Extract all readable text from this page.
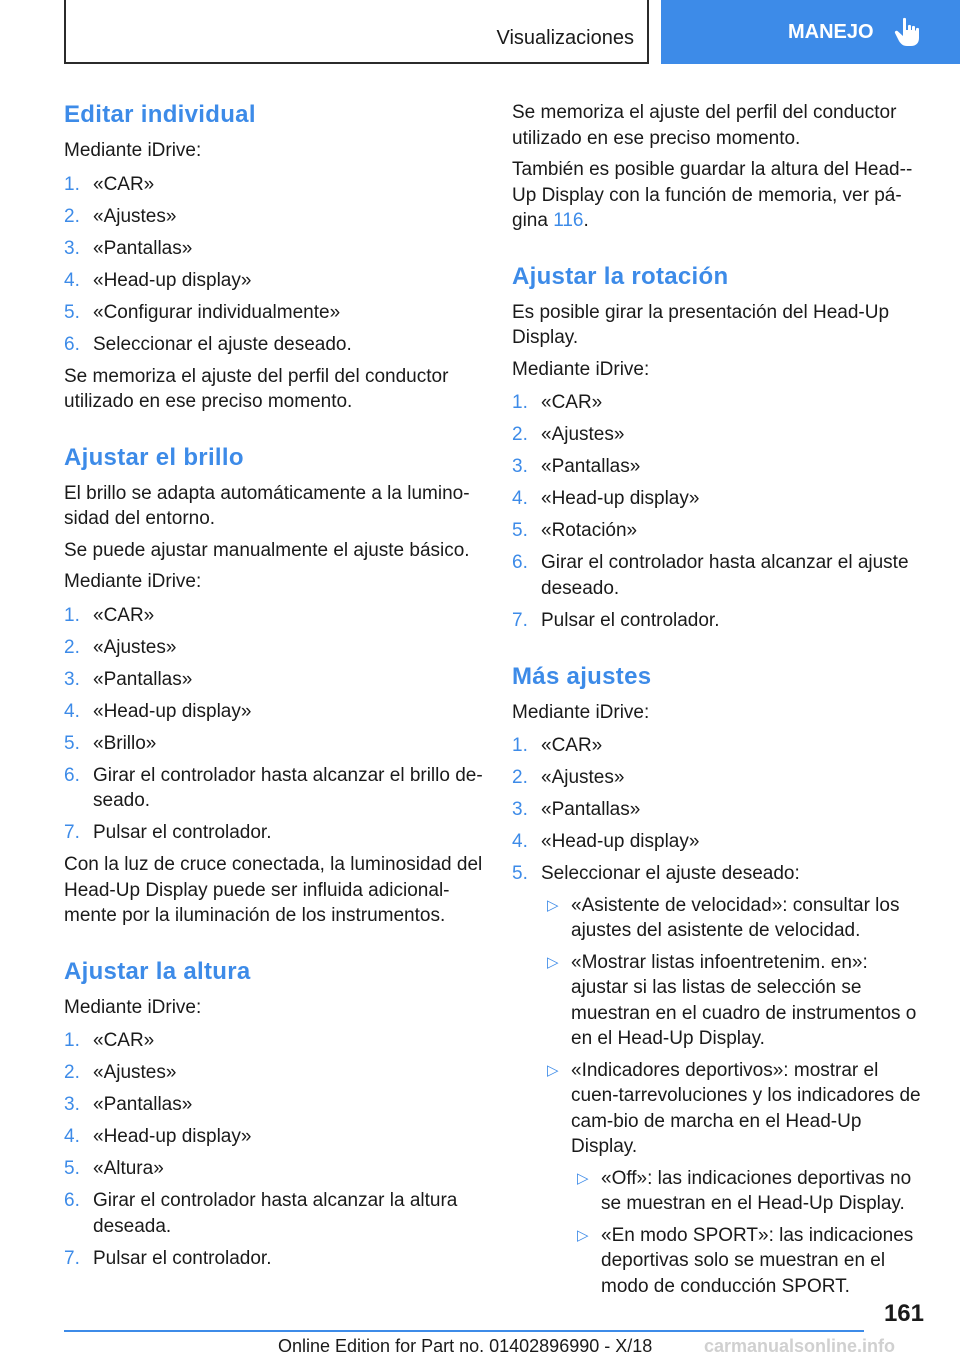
Visualizaciones	MANEJO
Editar individual

Mediante iDrive:

1. «CAR»
2. «Ajustes»
3. «Pantallas»
4. «Head-up display»
5. «Configurar individualmente»
6. Seleccionar el ajuste deseado.

Se memoriza el ajuste del perfil del conductor utilizado en ese preciso momento.

Ajustar el brillo

El brillo se adapta automáticamente a la lumino-sidad del entorno.

Se puede ajustar manualmente el ajuste básico.

Mediante iDrive:

1. «CAR»
2. «Ajustes»
3. «Pantallas»
4. «Head-up display»
5. «Brillo»
6. Girar el controlador hasta alcanzar el brillo de-seado.
7. Pulsar el controlador.

Con la luz de cruce conectada, la luminosidad del Head-Up Display puede ser influida adicional-mente por la iluminación de los instrumentos.

Ajustar la altura

Mediante iDrive:

1. «CAR»
2. «Ajustes»
3. «Pantallas»
4. «Head-up display»
5. «Altura»
6. Girar el controlador hasta alcanzar la altura deseada.
7. Pulsar el controlador.

Se memoriza el ajuste del perfil del conductor utilizado en ese preciso momento.

También es posible guardar la altura del Head--Up Display con la función de memoria, ver pá-gina 116.

Ajustar la rotación

Es posible girar la presentación del Head-Up Display.

Mediante iDrive:

1. «CAR»
2. «Ajustes»
3. «Pantallas»
4. «Head-up display»
5. «Rotación»
6. Girar el controlador hasta alcanzar el ajuste deseado.
7. Pulsar el controlador.
Más ajustes

Mediante iDrive:

1. «CAR»
2. «Ajustes»
3. «Pantallas»
4. «Head-up display»
5. Seleccionar el ajuste deseado:
▷ «Asistente de velocidad»: consultar los ajustes del asistente de velocidad.
▷ «Mostrar listas infoentretenim. en»: ajustar si las listas de selección se muestran en el cuadro de instrumentos o en el Head-Up Display.
▷ «Indicadores deportivos»: mostrar el cuen-tarrevoluciones y los indicadores de cam-bio de marcha en el Head-Up Display.
▷ «Off»: las indicaciones deportivas no se muestran en el Head-Up Display.
▷ «En modo SPORT»: las indicaciones deportivas solo se muestran en el modo de conducción SPORT.
161
Online Edition for Part no. 01402896990 - X/18	carmanualsonline.info
